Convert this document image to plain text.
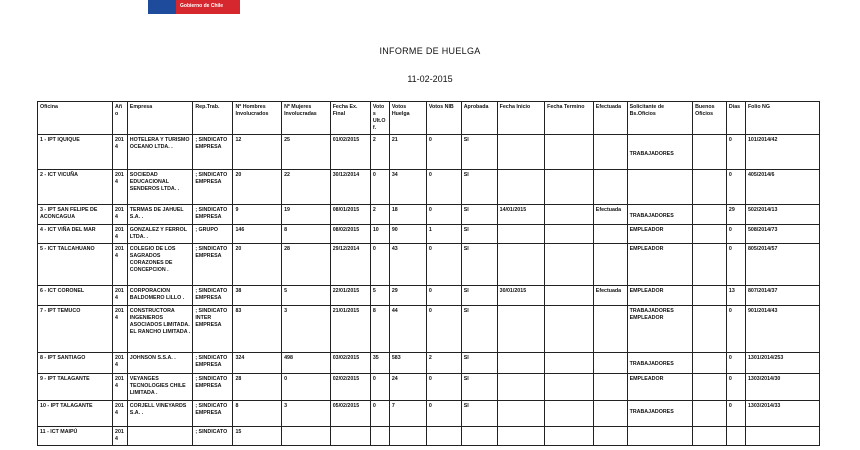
Gobierno de Chile
INFORME DE HUELGA
11-02-2015
Oficina	Año	Empresa	Rep.Trab.	Nº Hombres Involucrados	Nº Mujeres Involucradas	Fecha Ex. Final	Votos Ult.Of.	Votos Huelga	Votos NIB	Aprobada	Fecha Inicio	Fecha Termino	Efectuada	Solicitante de Bs.Oficios	Buenos Oficios	Dias	Folio NG
1 - IPT IQUIQUE	2014	HOTELERA Y TURISMO OCEANO LTDA. .	; SINDICATO EMPRESA	12	25	01/02/2015	2	21	0	SI				TRABAJADORES		0	101/2014/42
2 - ICT VICUÑA	2014	SOCIEDAD EDUCACIONAL SENDEROS LTDA. .	; SINDICATO EMPRESA	20	22	30/12/2014	0	34	0	SI						0	405/2014/6
3 - IPT SAN FELIPE DE ACONCAGUA	2014	TERMAS DE JAHUEL S.A. .	; SINDICATO EMPRESA	9	19	08/01/2015	2	18	0	SI	14/01/2015		Efectuada	TRABAJADORES		29	502/2014/13
4 - ICT VIÑA DEL MAR	2014	GONZALEZ Y FERROL LTDA. .	; GRUPO	146	8	08/02/2015	10	90	1	SI				EMPLEADOR		0	508/2014/73
5 - ICT TALCAHUANO	2014	COLEGIO DE LOS SAGRADOS CORAZONES DE CONCEPCION .	; SINDICATO EMPRESA	20	28	29/12/2014	0	43	0	SI				EMPLEADOR		0	805/2014/57
6 - ICT CORONEL	2014	CORPORACION BALDOMERO LILLO .	; SINDICATO EMPRESA	38	5	22/01/2015	5	29	0	SI	30/01/2015		Efectuada	EMPLEADOR		13	807/2014/37
7 - IPT TEMUCO	2014	CONSTRUCTORA INGENIEROS ASOCIADOS LIMITADA. EL RANCHO LIMITADA .	; SINDICATO INTER EMPRESA	83	3	21/01/2015	8	44	0	SI				TRABAJADORES EMPLEADOR		0	901/2014/43
8 - IPT SANTIAGO	2014	JOHNSON S.S.A. .	; SINDICATO EMPRESA	324	498	03/02/2015	35	583	2	SI				TRABAJADORES		0	1301/2014/253
9 - IPT TALAGANTE	2014	VEYANGES TECNOLOGIES CHILE LIMITADA .	; SINDICATO EMPRESA	28	0	02/02/2015	0	24	0	SI				EMPLEADOR		0	1303/2014/30
10 - IPT TALAGANTE	2014	CORJELL VINEYARDS S.A. .	; SINDICATO EMPRESA	8	3	05/02/2015	0	7	0	SI				TRABAJADORES		0	1303/2014/33
11 - ICT MAIPÚ	2014		; SINDICATO	15													
